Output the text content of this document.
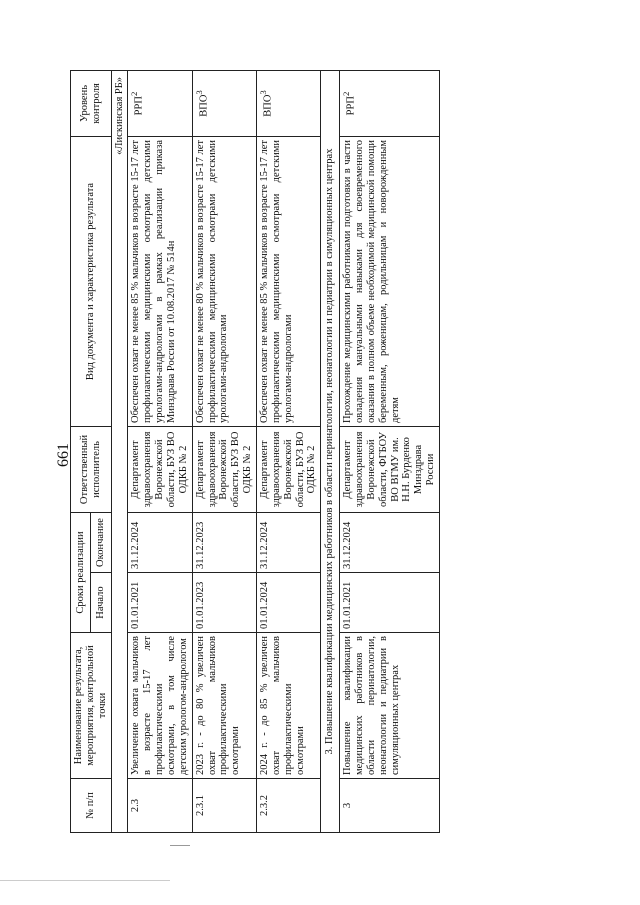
661
№ п/п	Наименование результата, мероприятия, контрольной точки	Сроки реализации		Ответственный исполнитель	Вид документа и характеристика результата	Уровень контроля
		Начало	Окончание			
«Лискинская РБ»						
2.3	Увеличение охвата мальчиков в возрасте 15-17 лет профилактическими осмотрами, в том числе детским урологом-андрологом	01.01.2021	31.12.2024	Департамент здравоохранения Воронежской области, БУЗ ВО ОДКБ № 2	Обеспечен охват не менее 85 % мальчиков в возрасте 15-17 лет профилактическими медицинскими осмотрами детскими урологами-андрологами в рамках реализации приказа Минздрава России от 10.08.2017 № 514н	РРП$^2$
2.3.1	2023 г. - до 80 % увеличен охват мальчиков профилактическими осмотрами	01.01.2023	31.12.2023	Департамент здравоохранения Воронежской области, БУЗ ВО ОДКБ № 2	Обеспечен охват не менее 80 % мальчиков в возрасте 15-17 лет профилактическими медицинскими осмотрами детскими урологами-андрологами	ВПО$^3$
2.3.2	2024 г. - до 85 % увеличен охват мальчиков профилактическими осмотрами	01.01.2024	31.12.2024	Департамент здравоохранения Воронежской области, БУЗ ВО ОДКБ № 2	Обеспечен охват не менее 85 % мальчиков в возрасте 15-17 лет профилактическими медицинскими осмотрами детскими урологами-андрологами	ВПО$^3$
3. Повышение квалификации медицинских работников в области перинатологии, неонатологии и педиатрии в симуляционных центрах						
3	Повышение квалификации медицинских работников в области перинатологии, неонатологии и педиатрии в симуляционных центрах	01.01.2021	31.12.2024	Департамент здравоохранения Воронежской области, ФГБОУ ВО ВГМУ им. Н.Н. Бурденко Минздрава России	Прохождение медицинскими работниками подготовки в части овладения мануальными навыками для своевременного оказания в полном объеме необходимой медицинской помощи беременным, роженицам, родильницам и новорожденным детям	РРП$^2$
